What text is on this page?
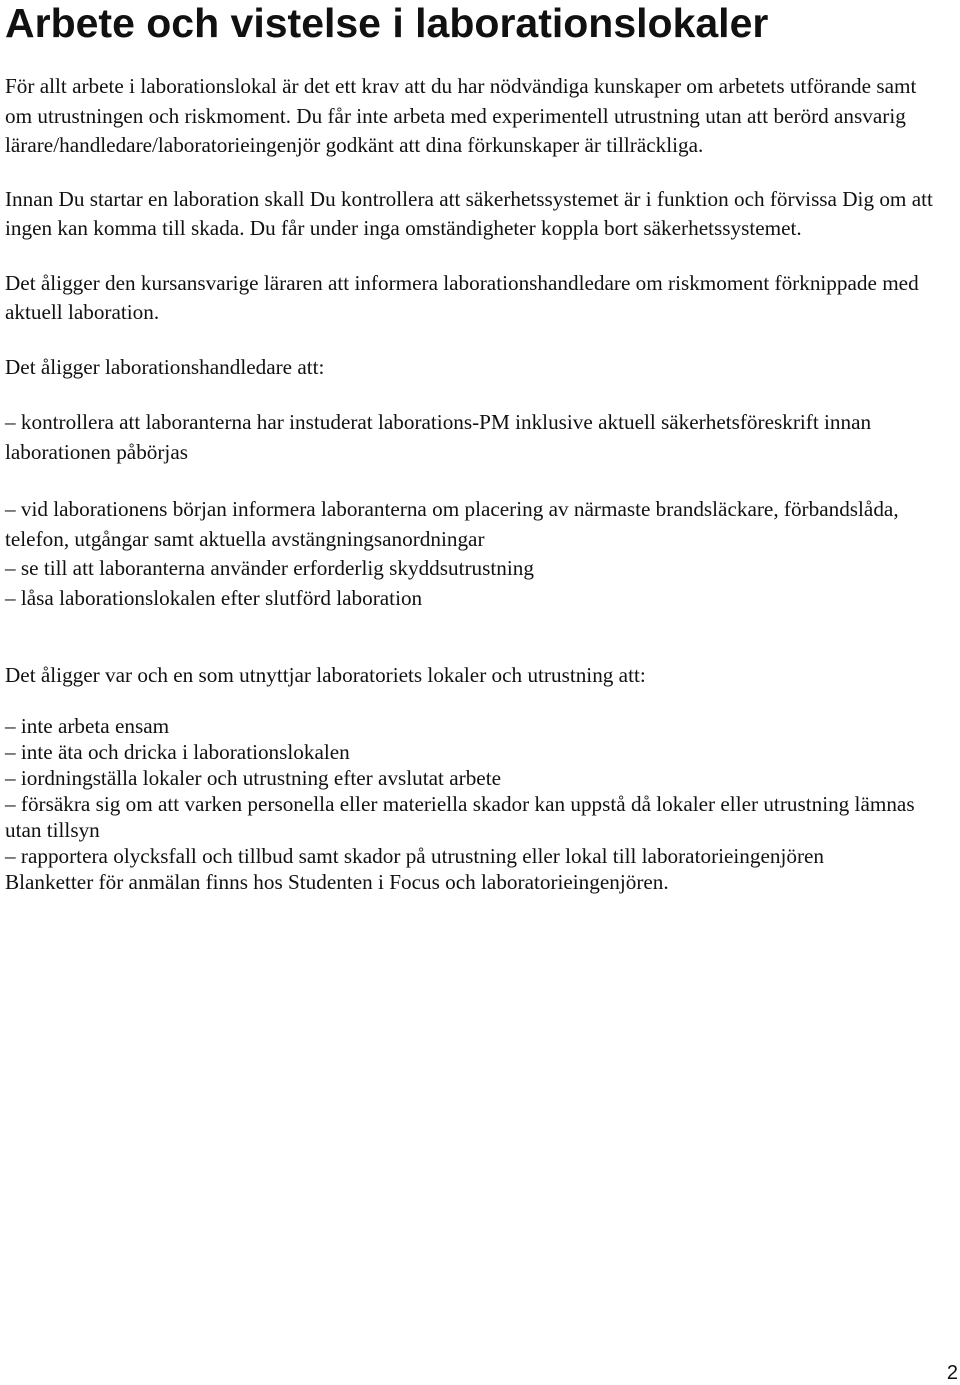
Arbete och vistelse i laborationslokaler

För allt arbete i laborationslokal är det ett krav att du har nödvändiga kunskaper om arbetets utförande samt om utrustningen och riskmoment. Du får inte arbeta med experimentell utrustning utan att berörd ansvarig lärare/handledare/laboratorieingenjör godkänt att dina förkunskaper är tillräckliga.

Innan Du startar en laboration skall Du kontrollera att säkerhetssystemet är i funktion och förvissa Dig om att ingen kan komma till skada. Du får under inga omständigheter koppla bort säkerhetssystemet.

Det åligger den kursansvarige läraren att informera laborationshandledare om riskmoment förknippade med aktuell laboration.

Det åligger laborationshandledare att:

– kontrollera att laboranterna har instuderat laborations-PM inklusive aktuell säkerhetsföreskrift innan laborationen påbörjas

– vid laborationens början informera laboranterna om placering av närmaste brandsläckare, förbandslåda, telefon, utgångar samt aktuella avstängningsanordningar

– se till att laboranterna använder erforderlig skyddsutrustning

– låsa laborationslokalen efter slutförd laboration

Det åligger var och en som utnyttjar laboratoriets lokaler och utrustning att:

– inte arbeta ensam

– inte äta och dricka i laborationslokalen

– iordningställa lokaler och utrustning efter avslutat arbete

– försäkra sig om att varken personella eller materiella skador kan uppstå då lokaler eller utrustning lämnas utan tillsyn

– rapportera olycksfall och tillbud samt skador på utrustning eller lokal till laboratorieingenjören

Blanketter för anmälan finns hos Studenten i Focus och laboratorieingenjören.

2
